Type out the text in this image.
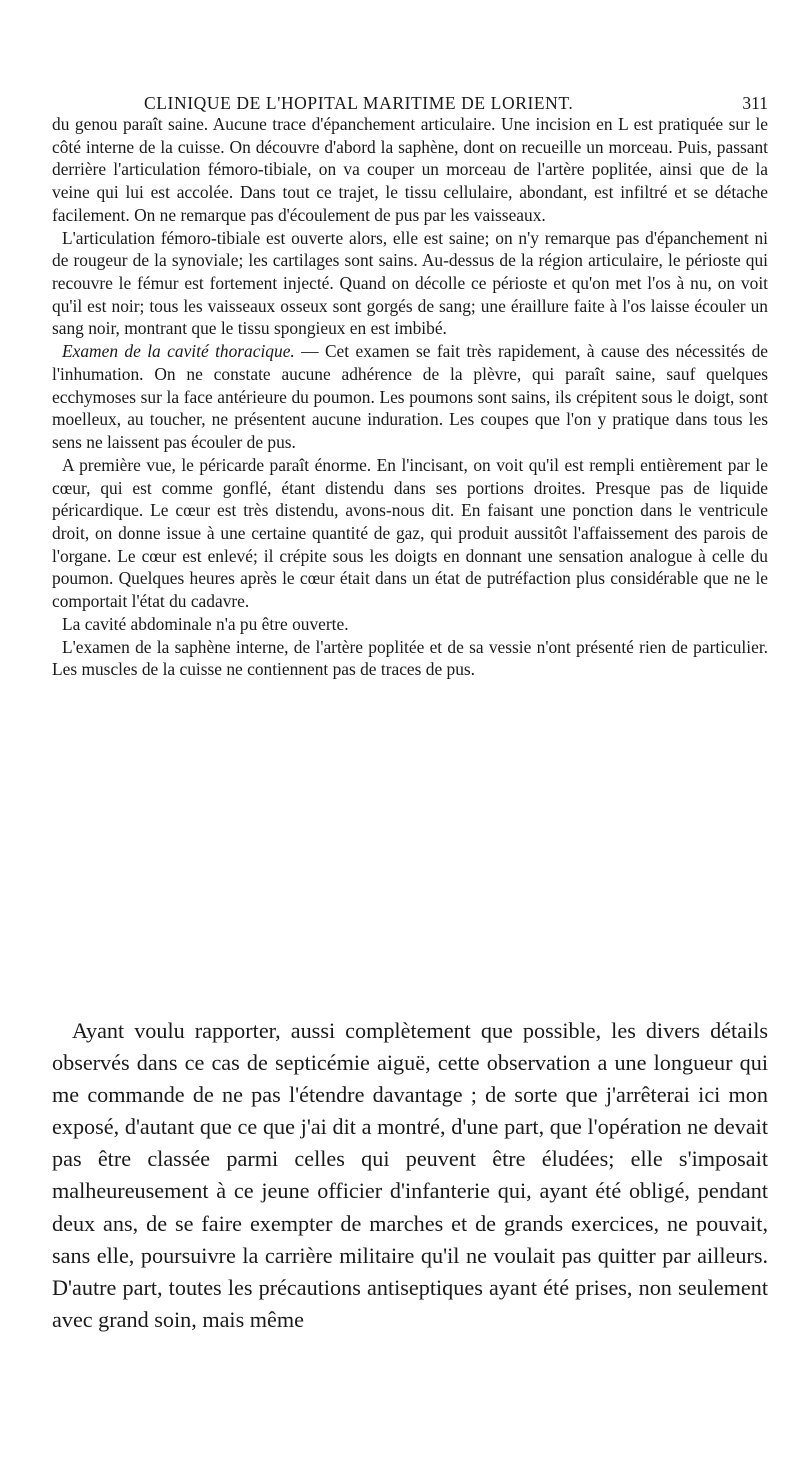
CLINIQUE DE L'HOPITAL MARITIME DE LORIENT.	311

du genou paraît saine. Aucune trace d'épanchement articulaire. Une incision en L est pratiquée sur le côté interne de la cuisse. On découvre d'abord la saphène, dont on recueille un morceau. Puis, passant derrière l'articulation fémoro-tibiale, on va couper un morceau de l'artère poplitée, ainsi que de la veine qui lui est accolée. Dans tout ce trajet, le tissu cellulaire, abondant, est infiltré et se détache facilement. On ne remarque pas d'écoulement de pus par les vaisseaux.

L'articulation fémoro-tibiale est ouverte alors, elle est saine; on n'y remarque pas d'épanchement ni de rougeur de la synoviale; les cartilages sont sains. Au-dessus de la région articulaire, le périoste qui recouvre le fémur est fortement injecté. Quand on décolle ce périoste et qu'on met l'os à nu, on voit qu'il est noir; tous les vaisseaux osseux sont gorgés de sang; une éraillure faite à l'os laisse écouler un sang noir, montrant que le tissu spongieux en est imbibé.

Examen de la cavité thoracique. — Cet examen se fait très rapidement, à cause des nécessités de l'inhumation. On ne constate aucune adhérence de la plèvre, qui paraît saine, sauf quelques ecchymoses sur la face antérieure du poumon. Les poumons sont sains, ils crépitent sous le doigt, sont moelleux, au toucher, ne présentent aucune induration. Les coupes que l'on y pratique dans tous les sens ne laissent pas écouler de pus.

A première vue, le péricarde paraît énorme. En l'incisant, on voit qu'il est rempli entièrement par le cœur, qui est comme gonflé, étant distendu dans ses portions droites. Presque pas de liquide péricardique. Le cœur est très distendu, avons-nous dit. En faisant une ponction dans le ventricule droit, on donne issue à une certaine quantité de gaz, qui produit aussitôt l'affaissement des parois de l'organe. Le cœur est enlevé; il crépite sous les doigts en donnant une sensation analogue à celle du poumon. Quelques heures après le cœur était dans un état de putréfaction plus considérable que ne le comportait l'état du cadavre.

La cavité abdominale n'a pu être ouverte.

L'examen de la saphène interne, de l'artère poplitée et de sa vessie n'ont présenté rien de particulier. Les muscles de la cuisse ne contiennent pas de traces de pus.

Ayant voulu rapporter, aussi complètement que possible, les divers détails observés dans ce cas de septicémie aiguë, cette observation a une longueur qui me commande de ne pas l'étendre davantage ; de sorte que j'arrêterai ici mon exposé, d'autant que ce que j'ai dit a montré, d'une part, que l'opération ne devait pas être classée parmi celles qui peuvent être éludées; elle s'imposait malheureusement à ce jeune officier d'infanterie qui, ayant été obligé, pendant deux ans, de se faire exempter de marches et de grands exercices, ne pouvait, sans elle, poursuivre la carrière militaire qu'il ne voulait pas quitter par ailleurs. D'autre part, toutes les précautions antiseptiques ayant été prises, non seulement avec grand soin, mais même
